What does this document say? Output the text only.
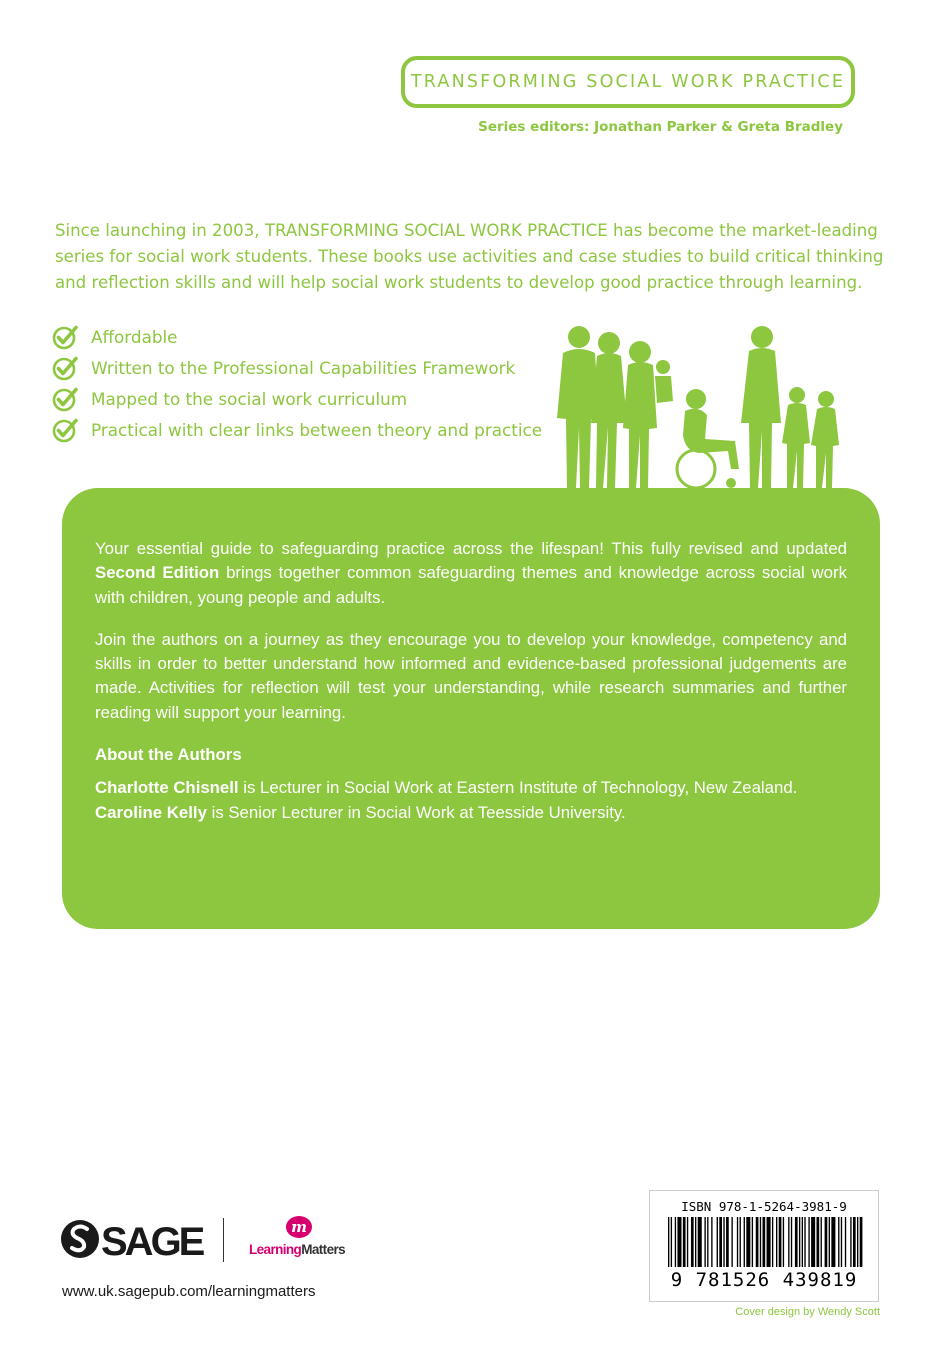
TRANSFORMING SOCIAL WORK PRACTICE
Series editors: Jonathan Parker & Greta Bradley

Since launching in 2003, TRANSFORMING SOCIAL WORK PRACTICE has become the market-leading series for social work students. These books use activities and case studies to build critical thinking and reflection skills and will help social work students to develop good practice through learning.

Affordable
Written to the Professional Capabilities Framework
Mapped to the social work curriculum
Practical with clear links between theory and practice

Your essential guide to safeguarding practice across the lifespan! This fully revised and updated Second Edition brings together common safeguarding themes and knowledge across social work with children, young people and adults.

Join the authors on a journey as they encourage you to develop your knowledge, competency and skills in order to better understand how informed and evidence-based professional judgements are made. Activities for reflection will test your understanding, while research summaries and further reading will support your learning.

About the Authors

Charlotte Chisnell is Lecturer in Social Work at Eastern Institute of Technology, New Zealand.
Caroline Kelly is Senior Lecturer in Social Work at Teesside University.

SAGE	m
LearningMatters
www.uk.sagepub.com/learningmatters
ISBN 978-1-5264-3981-9
9 781526 439819
Cover design by Wendy Scott
